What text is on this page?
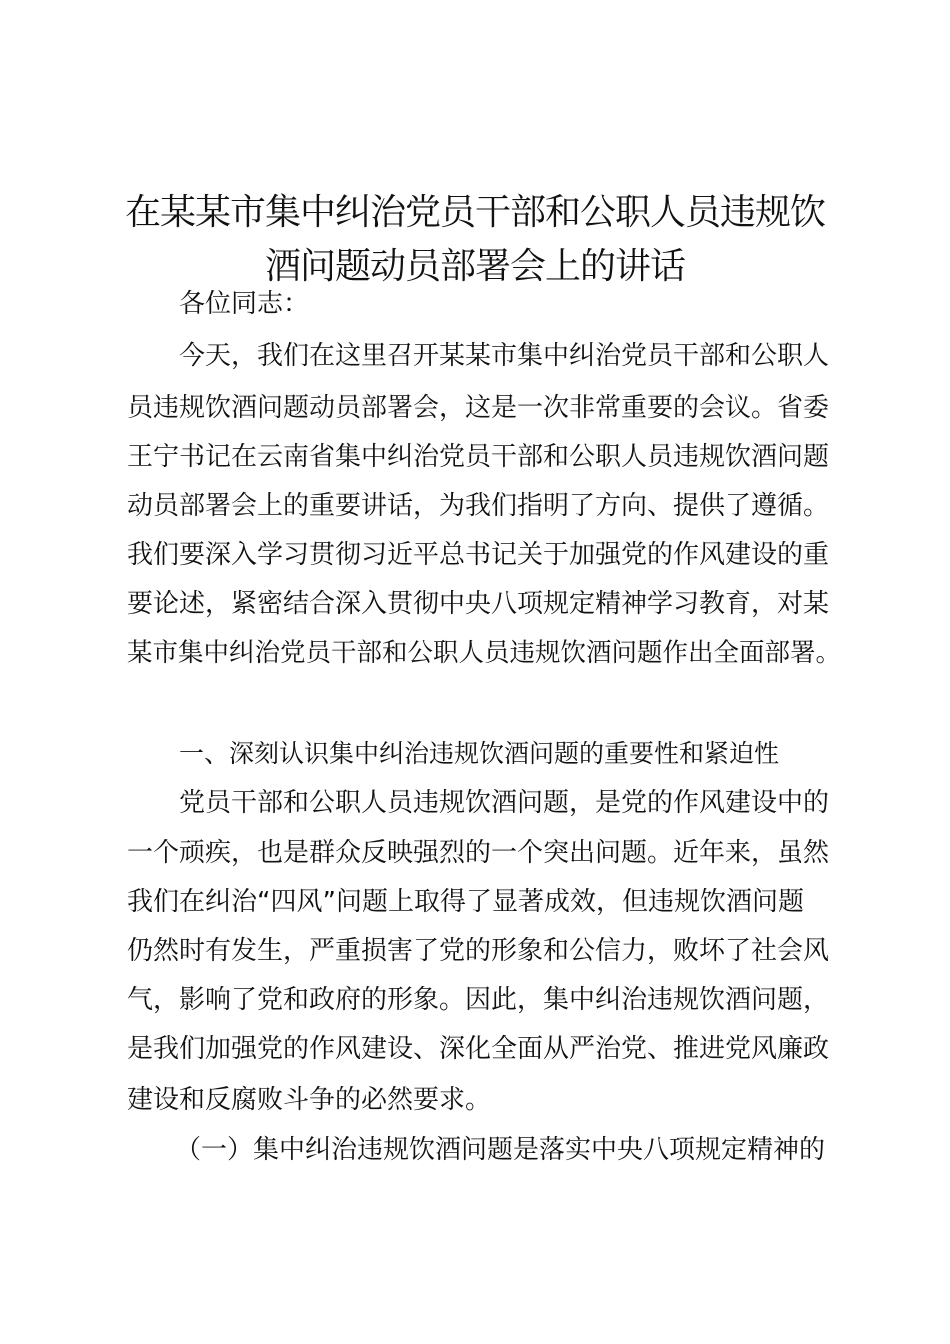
在某某市集中纠治党员干部和公职人员违规饮
酒问题动员部署会上的讲话

各位同志：

今天，我们在这里召开某某市集中纠治党员干部和公职人

员违规饮酒问题动员部署会，这是一次非常重要的会议。省委

王宁书记在云南省集中纠治党员干部和公职人员违规饮酒问题

动员部署会上的重要讲话，为我们指明了方向、提供了遵循。

我们要深入学习贯彻习近平总书记关于加强党的作风建设的重

要论述，紧密结合深入贯彻中央八项规定精神学习教育，对某

某市集中纠治党员干部和公职人员违规饮酒问题作出全面部署。

一、深刻认识集中纠治违规饮酒问题的重要性和紧迫性

党员干部和公职人员违规饮酒问题，是党的作风建设中的

一个顽疾，也是群众反映强烈的一个突出问题。近年来，虽然

我们在纠治“四风”问题上取得了显著成效，但违规饮酒问题

仍然时有发生，严重损害了党的形象和公信力，败坏了社会风

气，影响了党和政府的形象。因此，集中纠治违规饮酒问题，

是我们加强党的作风建设、深化全面从严治党、推进党风廉政

建设和反腐败斗争的必然要求。

（一）集中纠治违规饮酒问题是落实中央八项规定精神的
